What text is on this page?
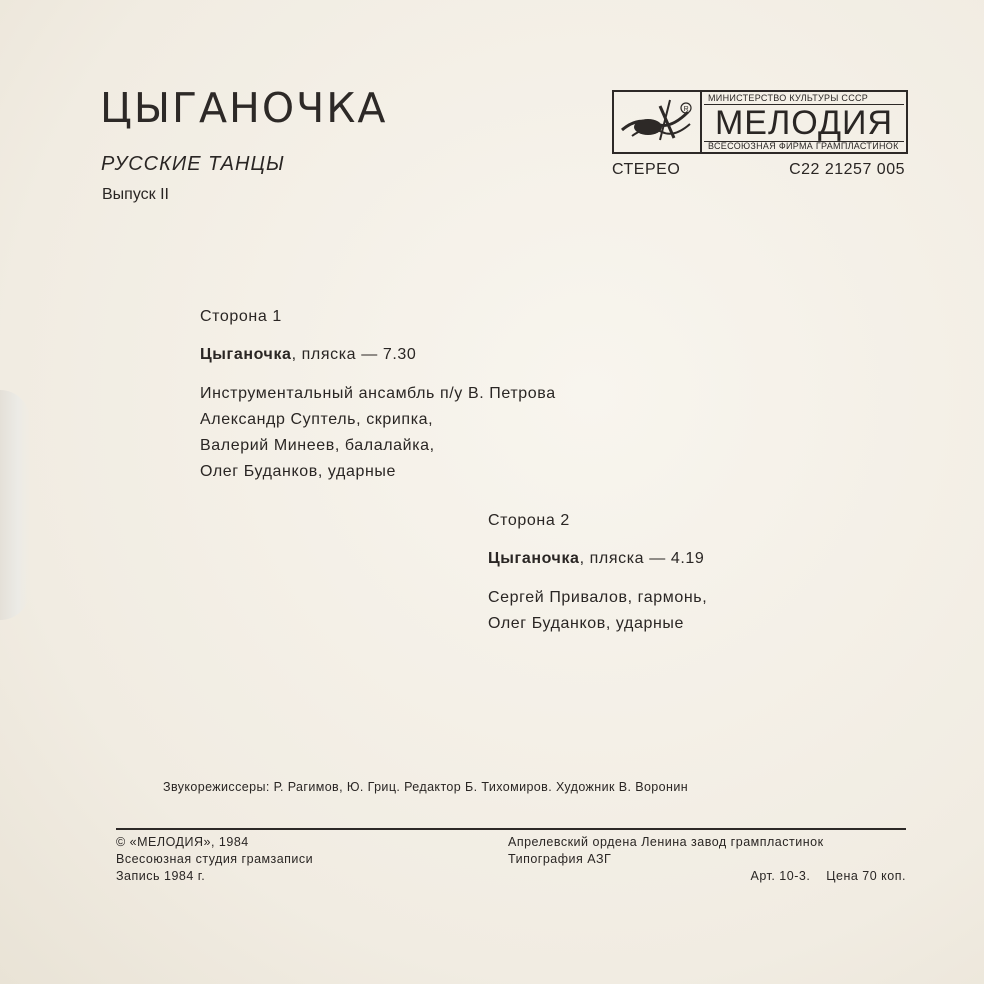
ЦЫГАНОЧКА
РУССКИЕ ТАНЦЫ
Выпуск II
R
МИНИСТЕРСТВО КУЛЬТУРЫ СССР
МЕЛОДИЯ
ВСЕСОЮЗНАЯ ФИРМА ГРАМПЛАСТИНОК
СТЕРЕО	С22 21257 005
Сторона 1
Цыганочка, пляска — 7.30
Инструментальный ансамбль п/у В. Петрова
Александр Суптель, скрипка,
Валерий Минеев, балалайка,
Олег Буданков, ударные
Сторона 2
Цыганочка, пляска — 4.19
Сергей Привалов, гармонь,
Олег Буданков, ударные
Звукорежиссеры: Р. Рагимов, Ю. Гриц. Редактор Б. Тихомиров. Художник В. Воронин
© «МЕЛОДИЯ», 1984
Всесоюзная студия грамзаписи
Запись 1984 г.
Апрелевский ордена Ленина завод грампластинок
Типография АЗГ
Арт. 10-3. Цена 70 коп.
